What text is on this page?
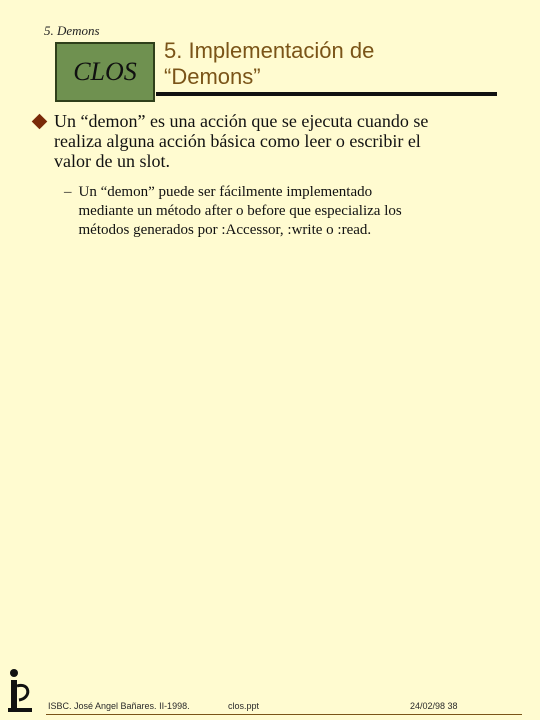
5. Demons
CLOS
5. Implementación de
“Demons”

Un “demon” es una acción que se ejecuta cuando se realiza alguna acción básica como leer o escribir el valor de un slot.

– Un “demon” puede ser fácilmente implementado mediante un método after o before que especializa los métodos generados por :Accessor, :write o :read.

ISBC. José Angel Bañares. II-1998.	clos.ppt	24/02/98 38
